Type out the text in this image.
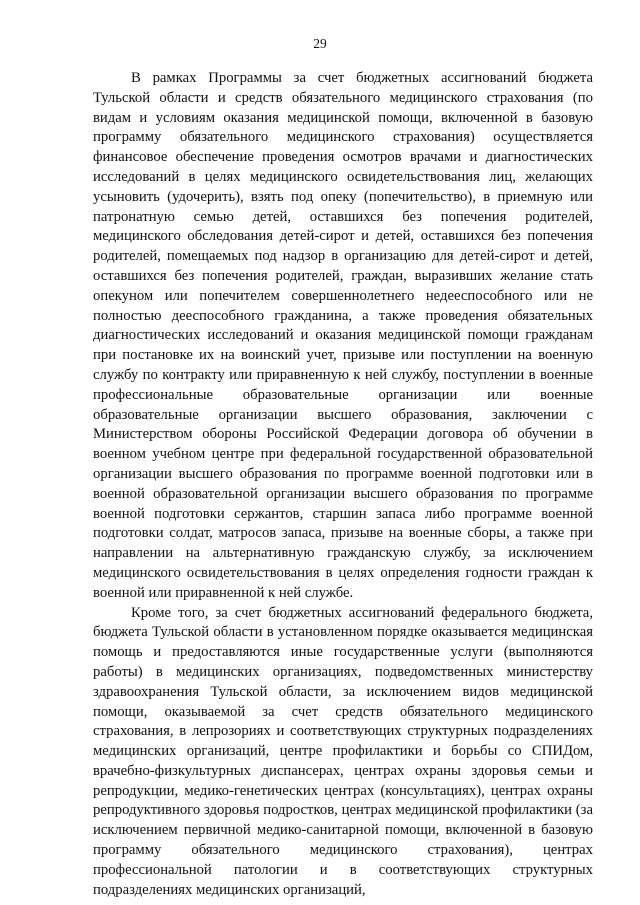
29

В рамках Программы за счет бюджетных ассигнований бюджета Тульской области и средств обязательного медицинского страхования (по видам и условиям оказания медицинской помощи, включенной в базовую программу обязательного медицинского страхования) осуществляется финансовое обеспечение проведения осмотров врачами и диагностических исследований в целях медицинского освидетельствования лиц, желающих усыновить (удочерить), взять под опеку (попечительство), в приемную или патронатную семью детей, оставшихся без попечения родителей, медицинского обследования детей-сирот и детей, оставшихся без попечения родителей, помещаемых под надзор в организацию для детей-сирот и детей, оставшихся без попечения родителей, граждан, выразивших желание стать опекуном или попечителем совершеннолетнего недееспособного или не полностью дееспособного гражданина, а также проведения обязательных диагностических исследований и оказания медицинской помощи гражданам при постановке их на воинский учет, призыве или поступлении на военную службу по контракту или приравненную к ней службу, поступлении в военные профессиональные образовательные организации или военные образовательные организации высшего образования, заключении с Министерством обороны Российской Федерации договора об обучении в военном учебном центре при федеральной государственной образовательной организации высшего образования по программе военной подготовки или в военной образовательной организации высшего образования по программе военной подготовки сержантов, старшин запаса либо программе военной подготовки солдат, матросов запаса, призыве на военные сборы, а также при направлении на альтернативную гражданскую службу, за исключением медицинского освидетельствования в целях определения годности граждан к военной или приравненной к ней службе.

Кроме того, за счет бюджетных ассигнований федерального бюджета, бюджета Тульской области в установленном порядке оказывается медицинская помощь и предоставляются иные государственные услуги (выполняются работы) в медицинских организациях, подведомственных министерству здравоохранения Тульской области, за исключением видов медицинской помощи, оказываемой за счет средств обязательного медицинского страхования, в лепрозориях и соответствующих структурных подразделениях медицинских организаций, центре профилактики и борьбы со СПИДом, врачебно-физкультурных диспансерах, центрах охраны здоровья семьи и репродукции, медико-генетических центрах (консультациях), центрах охраны репродуктивного здоровья подростков, центрах медицинской профилактики (за исключением первичной медико-санитарной помощи, включенной в базовую программу обязательного медицинского страхования), центрах профессиональной патологии и в соответствующих структурных подразделениях медицинских организаций,
